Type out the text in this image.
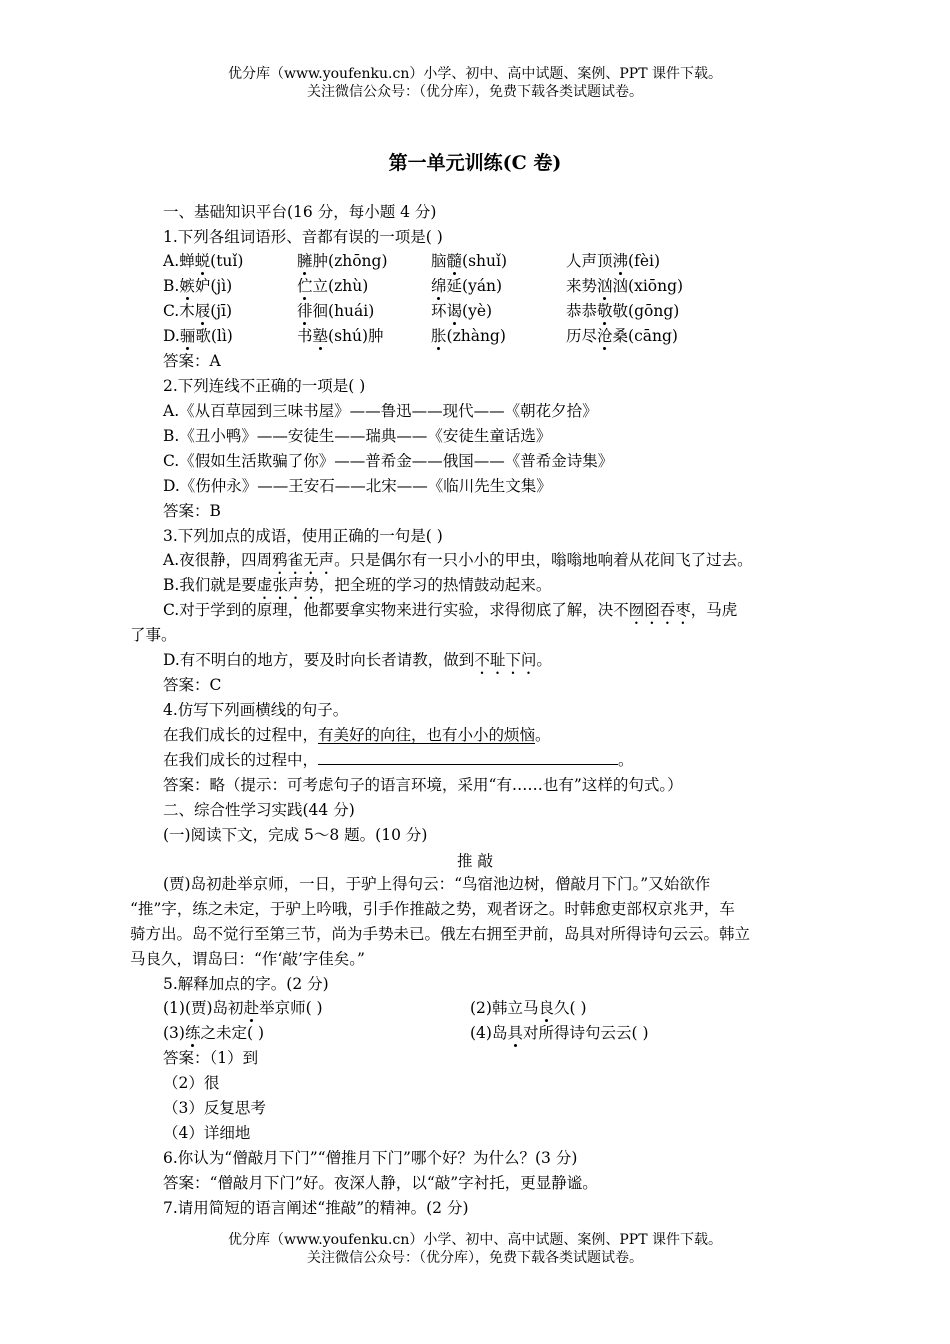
优分库（www.youfenku.cn）小学、初中、高中试题、案例、PPT 课件下载。
关注微信公众号：（优分库），免费下载各类试题试卷。
第一单元训练(C 卷)
一、基础知识平台(16 分，每小题 4 分)
1.下列各组词语形、音都有误的一项是( )
A.蝉蜕(tuǐ)	臃肿(zhōng)	脑髓(shuǐ)	人声顶沸(fèi)
B.嫉妒(jì)	伫立(zhù)	绵延(yán)	来势汹汹(xiōng)
C.木屐(jī)	徘徊(huái)	环谒(yè)	恭恭敬敬(gōng)
D.骊歌(lì)	书塾(shú)肿	胀(zhàng)	历尽沧桑(cāng)
答案：A
2.下列连线不正确的一项是( )
A.《从百草园到三味书屋》——鲁迅——现代——《朝花夕拾》
B.《丑小鸭》——安徒生——瑞典——《安徒生童话选》
C.《假如生活欺骗了你》——普希金——俄国——《普希金诗集》
D.《伤仲永》——王安石——北宋——《临川先生文集》
答案：B
3.下列加点的成语，使用正确的一句是( )
A.夜很静，四周鸦雀无声。只是偶尔有一只小小的甲虫，嗡嗡地响着从花间飞了过去。
B.我们就是要虚张声势，把全班的学习的热情鼓动起来。
C.对于学到的原理，他都要拿实物来进行实验，求得彻底了解，决不囫囵吞枣，马虎
了事。
D.有不明白的地方，要及时向长者请教，做到不耻下问。
答案：C
4.仿写下列画横线的句子。
在我们成长的过程中，有美好的向往，也有小小的烦恼。
在我们成长的过程中，	。
答案：略（提示：可考虑句子的语言环境，采用“有……也有”这样的句式。）
二、综合性学习实践(44 分)
(一)阅读下文，完成 5～8 题。(10 分)
推 敲
(贾)岛初赴举京师，一日，于驴上得句云：“鸟宿池边树，僧敲月下门。”又始欲作
“推”字，练之未定，于驴上吟哦，引手作推敲之势，观者讶之。时韩愈吏部权京兆尹，车
骑方出。岛不觉行至第三节，尚为手势未已。俄左右拥至尹前，岛具对所得诗句云云。韩立
马良久，谓岛曰：“作‘敲’字佳矣。”
5.解释加点的字。(2 分)
(1)(贾)岛初赴举京师( )	(2)韩立马良久( )
(3)练之未定( )	(4)岛具对所得诗句云云( )
答案：（1）到
（2）很
（3）反复思考
（4）详细地
6.你认为“僧敲月下门”“僧推月下门”哪个好？为什么？(3 分)
答案：“僧敲月下门”好。夜深人静，以“敲”字衬托，更显静谧。
7.请用简短的语言阐述“推敲”的精神。(2 分)
优分库（www.youfenku.cn）小学、初中、高中试题、案例、PPT 课件下载。
关注微信公众号：（优分库），免费下载各类试题试卷。
